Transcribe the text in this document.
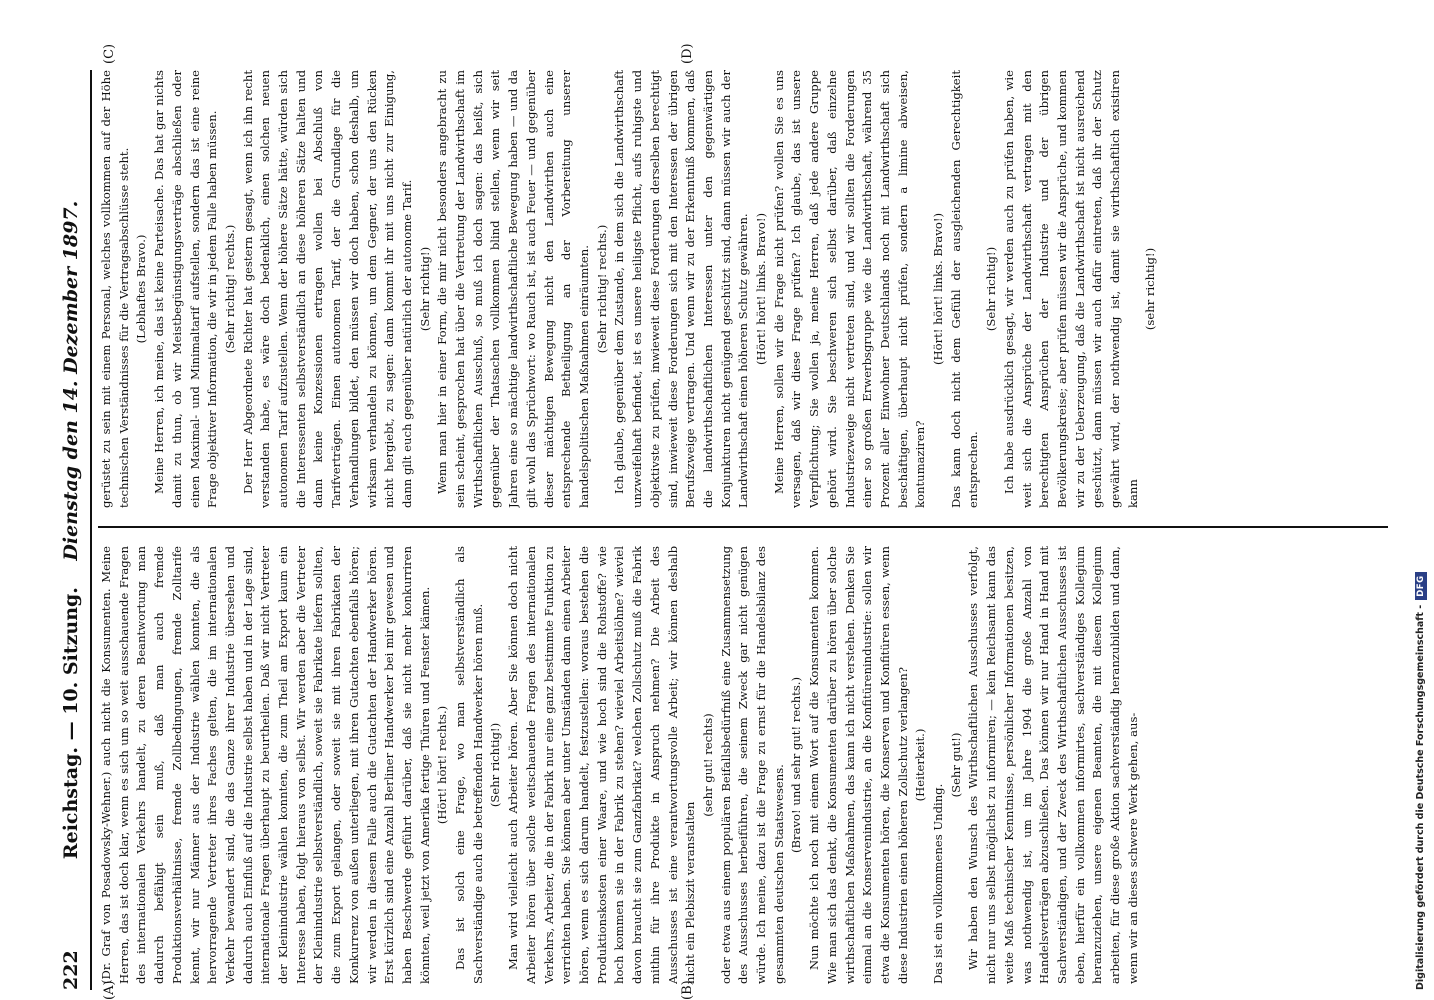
222
Reichstag. — 10. Sitzung.    Dienstag den 14. Dezember 1897.
(A)	(B)
(C)	(D)

(Dr. Graf von Posadowsky-Wehner.) auch nicht die Konsumenten. Meine Herren, das ist doch klar, wenn es sich um so weit ausschauende Fragen des internationalen Verkehrs handelt, zu deren Beantwortung man dadurch befähigt sein muß, daß man auch fremde Produktionsverhältnisse, fremde Zollbedingungen, fremde Zolltarife kennt, wir nur Männer aus der Industrie wählen konnten, die als hervorragende Vertreter ihres Faches gelten, die im internationalen Verkehr bewandert sind, die das Ganze ihrer Industrie übersehen und dadurch auch Einfluß auf die Industrie selbst haben und in der Lage sind, internationale Fragen überhaupt zu beurtheilen. Daß wir nicht Vertreter der Kleinindustrie wählen konnten, die zum Theil am Export kaum ein Interesse haben, folgt hieraus von selbst. Wir werden aber die Vertreter der Kleinindustrie selbstverständlich, soweit sie Fabrikate liefern sollten, die zum Export gelangen, oder soweit sie mit ihren Fabrikaten der Konkurrenz von außen unterliegen, mit ihren Gutachten ebenfalls hören; wir werden in diesem Falle auch die Gutachten der Handwerker hören. Erst kürzlich sind eine Anzahl Berliner Handwerker bei mir gewesen und haben Beschwerde geführt darüber, daß sie nicht mehr konkurriren könnten, weil jetzt von Amerika fertige Thüren und Fenster kämen. (Hört! hört! rechts.) Das ist solch eine Frage, wo man selbstverständlich als Sachverständige auch die betreffenden Handwerker hören muß. (Sehr richtig!) Man wird vielleicht auch Arbeiter hören. Aber Sie können doch nicht Arbeiter hören über solche weitschauende Fragen des internationalen Verkehrs, Arbeiter, die in der Fabrik nur eine ganz bestimmte Funktion zu verrichten haben. Sie können aber unter Umständen dann einen Arbeiter hören, wenn es sich darum handelt, festzustellen: woraus bestehen die Produktionskosten einer Waare, und wie hoch sind die Rohstoffe? wie hoch kommen sie in der Fabrik zu stehen? wieviel Arbeitslöhne? wieviel davon braucht sie zum Ganzfabrikat? welchen Zollschutz muß die Fabrik mithin für ihre Produkte in Anspruch nehmen? Die Arbeit des Ausschusses ist eine verantwortungsvolle Arbeit; wir können deshalb nicht ein Plebiszit veranstalten

(sehr gut! rechts) oder etwa aus einem populären Beifallsbedürfniß eine Zusammensetzung des Ausschusses herbeiführen, die seinem Zweck gar nicht genügen würde. Ich meine, dazu ist die Frage zu ernst für die Handelsbilanz des gesammten deutschen Staatswesens. (Bravo! und sehr gut! rechts.) Nun möchte ich noch mit einem Wort auf die Konsumenten kommen. Wie man sich das denkt, die Konsumenten darüber zu hören über solche wirthschaftlichen Maßnahmen, das kann ich nicht verstehen. Denken Sie einmal an die Konservenindustrie, an die Konfitürenindustrie: sollen wir etwa die Konsumenten hören, die Konserven und Konfitüren essen, wenn diese Industrien einen höheren Zollschutz verlangen? (Heiterkeit.)

Das ist ein vollkommenes Unding.

(Sehr gut!) Wir haben den Wunsch des Wirthschaftlichen Ausschusses verfolgt, nicht nur uns selbst möglichst zu informiren; — kein Reichsamt kann das weite Maß technischer Kenntnisse, persönlicher Informationen besitzen, was nothwendig ist, um im Jahre 1904 die große Anzahl von Handelsverträgen abzuschließen. Das können wir nur Hand in Hand mit Sachverständigen, und der Zweck des Wirthschaftlichen Ausschusses ist eben, hierfür ein vollkommen informirtes, sachverständiges Kollegium heranzuziehen, unsere eigenen Beamten, die mit diesem Kollegium arbeiten, für diese große Aktion sachverständig heranzubilden und dann, wenn wir an dieses schwere Werk gehen, aus-

gerüstet zu sein mit einem Personal, welches vollkommen auf der Höhe technischen Verständnisses für die Vertragsabschlüsse steht. (Lebhaftes Bravo.) Meine Herren, ich meine, das ist keine Parteisache. Das hat gar nichts damit zu thun, ob wir Meistbegünstigungsverträge abschließen oder einen Maximal- und Minimaltarif aufstellen, sondern das ist eine reine Frage objektiver Information, die wir in jedem Falle haben müssen. (Sehr richtig! rechts.) Der Herr Abgeordnete Richter hat gestern gesagt, wenn ich ihn recht verstanden habe, es wäre doch bedenklich, einen solchen neuen autonomen Tarif aufzustellen. Wenn der höhere Sätze hätte, würden sich die Interessenten selbstverständlich an diese höheren Sätze halten und dann keine Konzessionen ertragen wollen bei Abschluß von Tarifverträgen. Einen autonomen Tarif, der die Grundlage für die Verhandlungen bildet, den müssen wir doch haben, schon deshalb, um wirksam verhandeln zu können, um dem Gegner, der uns den Rücken nicht hergiebt, zu sagen: dann kommt ihr mit uns nicht zur Einigung, dann gilt euch gegenüber natürlich der autonome Tarif. (Sehr richtig!) Wenn man hier in einer Form, die mir nicht besonders angebracht zu sein scheint, gesprochen hat über die Vertretung der Landwirthschaft im Wirthschaftlichen Ausschuß, so muß ich doch sagen: das heißt, sich gegenüber der Thatsachen vollkommen blind stellen, wenn wir seit Jahren eine so mächtige landwirthschaftliche Bewegung haben — und da gilt wohl das Sprüchwort: wo Rauch ist, ist auch Feuer — und gegenüber dieser mächtigen Bewegung nicht den Landwirthen auch eine entsprechende Betheiligung an der Vorbereitung unserer handelspolitischen Maßnahmen einräumten. (Sehr richtig! rechts.) Ich glaube, gegenüber dem Zustande, in dem sich die Landwirthschaft unzweifelhaft befindet, ist es unsere heiligste Pflicht, aufs ruhigste und objektivste zu prüfen, inwieweit diese Forderungen derselben berechtigt sind, inwieweit diese Forderungen sich mit den Interessen der übrigen Berufszweige vertragen. Und wenn wir zu der Erkenntniß kommen, daß die landwirthschaftlichen Interessen unter den gegenwärtigen Konjunkturen nicht genügend geschützt sind, dann müssen wir auch der Landwirthschaft einen höheren Schutz gewähren. (Hört! hört! links. Bravo!) Meine Herren, sollen wir die Frage nicht prüfen? wollen Sie es uns versagen, daß wir diese Frage prüfen? Ich glaube, das ist unsere Verpflichtung; Sie wollen ja, meine Herren, daß jede andere Gruppe gehört wird. Sie beschweren sich selbst darüber, daß einzelne Industriezweige nicht vertreten sind, und wir sollten die Forderungen einer so großen Erwerbsgruppe wie die Landwirthschaft, während 35 Prozent aller Einwohner Deutschlands noch mit Landwirthschaft sich beschäftigen, überhaupt nicht prüfen, sondern a limine abweisen, kontumaziren?

(Hört! hört! links. Bravo!) Das kann doch nicht dem Gefühl der ausgleichenden Gerechtigkeit entsprechen.

(Sehr richtig!) Ich habe ausdrücklich gesagt, wir werden auch zu prüfen haben, wie weit sich die Ansprüche der Landwirthschaft vertragen mit den berechtigten Ansprüchen der Industrie und der übrigen Bevölkerungskreise; aber prüfen müssen wir die Ansprüche, und kommen wir zu der Ueberzeugung, daß die Landwirthschaft ist nicht ausreichend geschützt, dann müssen wir auch dafür eintreten, daß ihr der Schutz gewährt wird, der nothwendig ist, damit sie wirthschaftlich existiren kann

(sehr richtig!)

Digitalisierung gefördert durch die Deutsche Forschungsgemeinschaft -DFG
